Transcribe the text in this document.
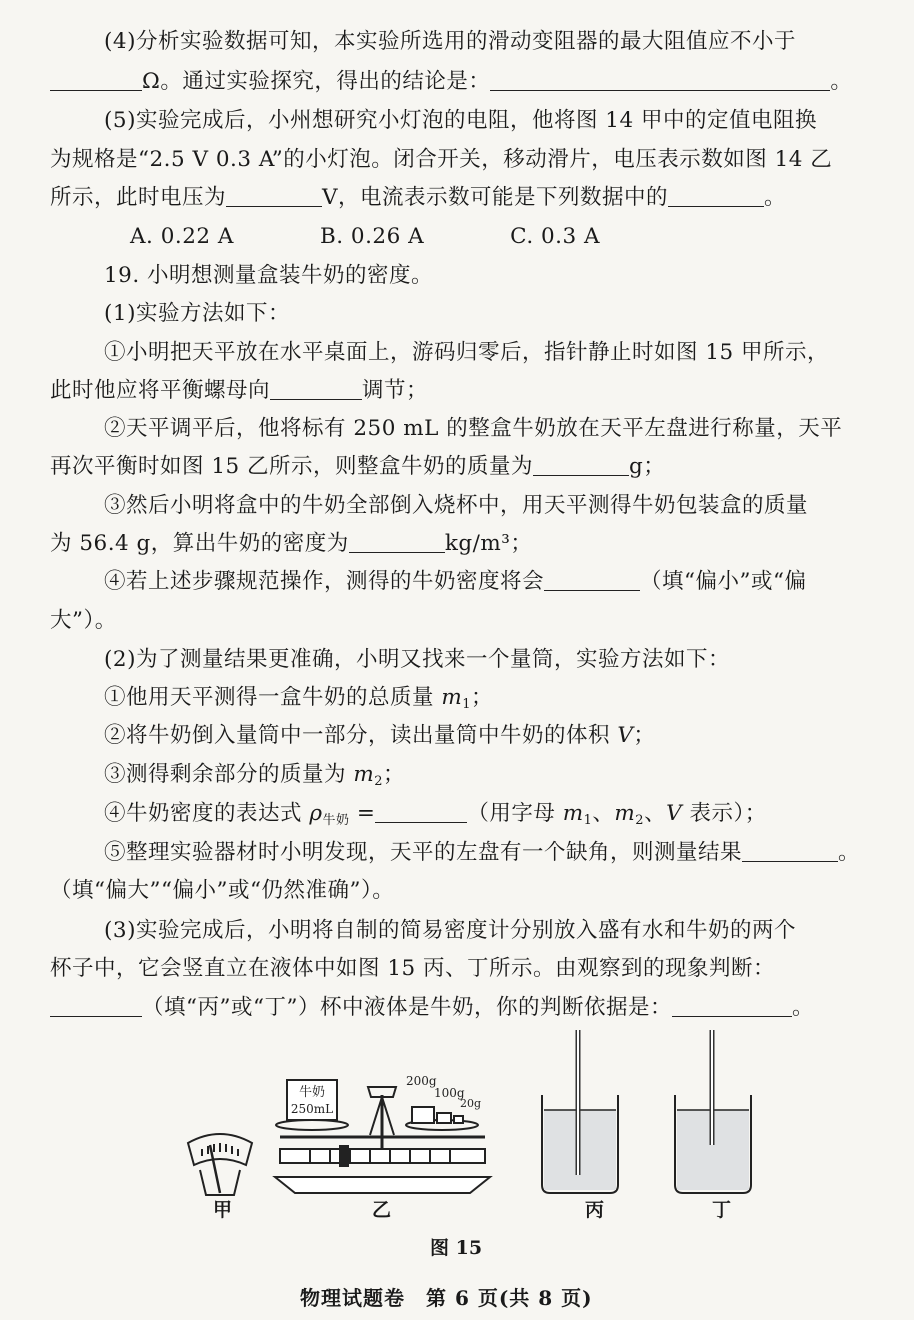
(4)分析实验数据可知，本实验所选用的滑动变阻器的最大阻值应不小于
Ω。通过实验探究，得出的结论是：	。
(5)实验完成后，小州想研究小灯泡的电阻，他将图 14 甲中的定值电阻换
为规格是“2.5 V 0.3 A”的小灯泡。闭合开关，移动滑片，电压表示数如图 14 乙
所示，此时电压为	V，电流表示数可能是下列数据中的	。
A. 0.22 A	B. 0.26 A	C. 0.3 A
19. 小明想测量盒装牛奶的密度。
(1)实验方法如下：
①小明把天平放在水平桌面上，游码归零后，指针静止时如图 15 甲所示，
此时他应将平衡螺母向	调节；
②天平调平后，他将标有 250 mL 的整盒牛奶放在天平左盘进行称量，天平
再次平衡时如图 15 乙所示，则整盒牛奶的质量为	g；
③然后小明将盒中的牛奶全部倒入烧杯中，用天平测得牛奶包装盒的质量
为 56.4 g，算出牛奶的密度为	kg/m³；
④若上述步骤规范操作，测得的牛奶密度将会	（填“偏小”或“偏
大”）。
(2)为了测量结果更准确，小明又找来一个量筒，实验方法如下：
①他用天平测得一盒牛奶的总质量 $m_1$；
②将牛奶倒入量筒中一部分，读出量筒中牛奶的体积 V；
③测得剩余部分的质量为 $m_2$；
④牛奶密度的表达式 $\rho_{牛奶}$ =	（用字母 $m_1$、$m_2$、V 表示）；
⑤整理实验器材时小明发现，天平的左盘有一个缺角，则测量结果	。
（填“偏大”“偏小”或“仍然准确”）。
(3)实验完成后，小明将自制的简易密度计分别放入盛有水和牛奶的两个
杯子中，它会竖直立在液体中如图 15 丙、丁所示。由观察到的现象判断：
（填“丙”或“丁”）杯中液体是牛奶，你的判断依据是：	。
牛奶
250mL
200g
100g
20g
甲	乙	丙	丁
图 15
物理试题卷　第 6 页(共 8 页)
